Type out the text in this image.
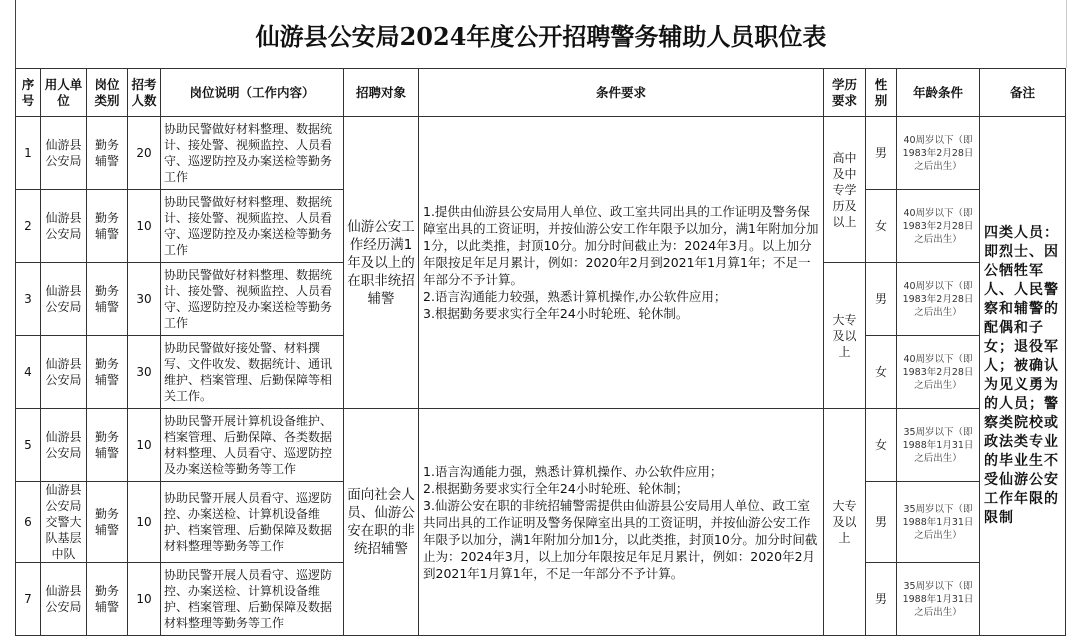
仙游县公安局2024年度公开招聘警务辅助人员职位表
序号	用人单位	岗位类别	招考人数	岗位说明（工作内容）	招聘对象	条件要求	学历要求	性别	年龄条件	备注
1	仙游县公安局	勤务辅警	20	协助民警做好材料整理、数据统计、接处警、视频监控、人员看守、巡逻防控及办案送检等勤务工作	仙游公安工作经历满1年及以上的在职非统招辅警	1.提供由仙游县公安局用人单位、政工室共同出具的工作证明及警务保障室出具的工资证明，并按仙游公安工作年限予以加分，满1年附加分加1分，以此类推，封顶10分。加分时间截止为：2024年3月。以上加分年限按足年足月累计，例如：2020年2月到2021年1月算1年；不足一年部分不予计算。
2.语言沟通能力较强，熟悉计算机操作,办公软件应用；
3.根据勤务要求实行全年24小时轮班、轮休制。	高中及中专学历及以上	男	40周岁以下（即1983年2月28日之后出生）	四类人员：即烈士、因公牺牲军人、人民警察和辅警的配偶和子女；退役军人；被确认为见义勇为的人员；警察类院校或政法类专业的毕业生不受仙游公安工作年限的限制
2	仙游县公安局	勤务辅警	10	协助民警做好材料整理、数据统计、接处警、视频监控、人员看守、巡逻防控及办案送检等勤务工作				女	40周岁以下（即1983年2月28日之后出生）	
3	仙游县公安局	勤务辅警	30	协助民警做好材料整理、数据统计、接处警、视频监控、人员看守、巡逻防控及办案送检等勤务工作			大专及以上	男	40周岁以下（即1983年2月28日之后出生）	
4	仙游县公安局	勤务辅警	30	协助民警做好接处警、材料撰写、文件收发、数据统计、通讯维护、档案管理、后勤保障等相关工作。				女	40周岁以下（即1983年2月28日之后出生）	
5	仙游县公安局	勤务辅警	10	协助民警开展计算机设备维护、档案管理、后勤保障、各类数据材料整理、人员看守、巡逻防控及办案送检等勤务等工作	面向社会人员、仙游公安在职的非统招辅警	1.语言沟通能力强，熟悉计算机操作、办公软件应用；
2.根据勤务要求实行全年24小时轮班、轮休制；
3.仙游公安在职的非统招辅警需提供由仙游县公安局用人单位、政工室共同出具的工作证明及警务保障室出具的工资证明，并按仙游公安工作年限予以加分，满1年附加分加1分，以此类推，封顶10分。加分时间截止为：2024年3月，以上加分年限按足年足月累计，例如：2020年2月到2021年1月算1年，不足一年部分不予计算。	大专及以上	女	35周岁以下（即1988年1月31日之后出生）	
6	仙游县公安局交警大队基层中队	勤务辅警	10	协助民警开展人员看守、巡逻防控、办案送检、计算机设备维护、档案管理、后勤保障及数据材料整理等勤务等工作				男	35周岁以下（即1988年1月31日之后出生）	
7	仙游县公安局	勤务辅警	10	协助民警开展人员看守、巡逻防控、办案送检、计算机设备维护、档案管理、后勤保障及数据材料整理等勤务等工作				男	35周岁以下（即1988年1月31日之后出生）	
